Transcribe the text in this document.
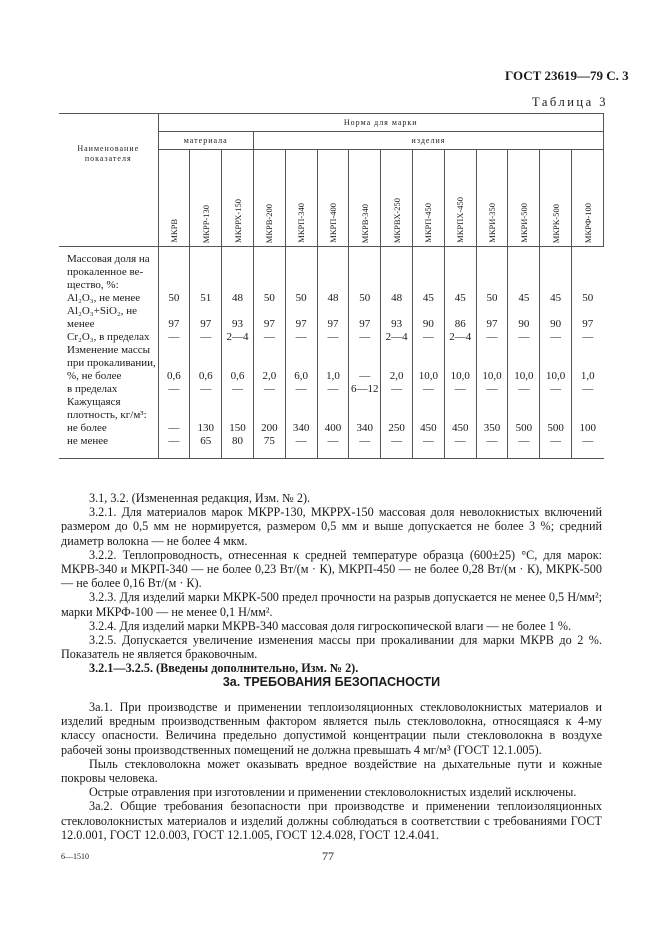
ГОСТ 23619—79 С. 3
Таблица 3
Наименование показателя	Норма для марки													
	материала			изделия										
	МКРВ	МКРР-130	МКРРХ-150	МКРВ-200	МКРП-340	МКРП-400	МКРВ-340	МКРВХ-250	МКРП-450	МКРПХ-450	МКРИ-350	МКРИ-500	МКРК-500	МКРФ-100
Массовая доля на прокаленное вещество, %:														
Al₂O₃, не менее	50	51	48	50	50	48	50	48	45	45	50	45	45	50
Al₂O₃+SiO₂, не менее	97	97	93	97	97	97	97	93	90	86	97	90	90	97
Cr₂O₃, в пределах	—	—	2—4	—	—	—	—	2—4	—	2—4	—	—	—	—
Изменение массы при прокаливании, %, не более	0,6	0,6	0,6	2,0	6,0	1,0	—	2,0	10,0	10,0	10,0	10,0	10,0	1,0
в пределах	—	—	—	—	—	—	6—12	—	—	—	—	—	—	—
Кажущаяся плотность, кг/м³: не более	—	130	150	200	340	400	340	250	450	450	350	500	500	100
не менее	—	65	80	75	—	—	—	—	—	—	—	—	—	—

3.1, 3.2. (Измененная редакция, Изм. № 2).

3.2.1. Для материалов марок МКРР-130, МКРРХ-150 массовая доля неволокнистых включений размером до 0,5 мм не нормируется, размером 0,5 мм и выше допускается не более 3 %; средний диаметр волокна — не более 4 мкм.

3.2.2. Теплопроводность, отнесенная к средней температуре образца (600±25) °С, для марок: МКРВ-340 и МКРП-340 — не более 0,23 Вт/(м · К), МКРП-450 — не более 0,28 Вт/(м · К), МКРК-500 — не более 0,16 Вт/(м · К).

3.2.3. Для изделий марки МКРК-500 предел прочности на разрыв допускается не менее 0,5 Н/мм²; марки МКРФ-100 — не менее 0,1 Н/мм².

3.2.4. Для изделий марки МКРВ-340 массовая доля гигроскопической влаги — не более 1 %.

3.2.5. Допускается увеличение изменения массы при прокаливании для марки МКРВ до 2 %. Показатель не является браковочным.

3.2.1—3.2.5. (Введены дополнительно, Изм. № 2).

3а. ТРЕБОВАНИЯ БЕЗОПАСНОСТИ

3а.1. При производстве и применении теплоизоляционных стекловолокнистых материалов и изделий вредным производственным фактором является пыль стекловолокна, относящаяся к 4-му классу опасности. Величина предельно допустимой концентрации пыли стекловолокна в воздухе рабочей зоны производственных помещений не должна превышать 4 мг/м³ (ГОСТ 12.1.005).

Пыль стекловолокна может оказывать вредное воздействие на дыхательные пути и кожные покровы человека.

Острые отравления при изготовлении и применении стекловолокнистых изделий исключены.

3а.2. Общие требования безопасности при производстве и применении теплоизоляционных стекловолокнистых материалов и изделий должны соблюдаться в соответствии с требованиями ГОСТ 12.0.001, ГОСТ 12.0.003, ГОСТ 12.1.005, ГОСТ 12.4.028, ГОСТ 12.4.041.

6—1510	77
